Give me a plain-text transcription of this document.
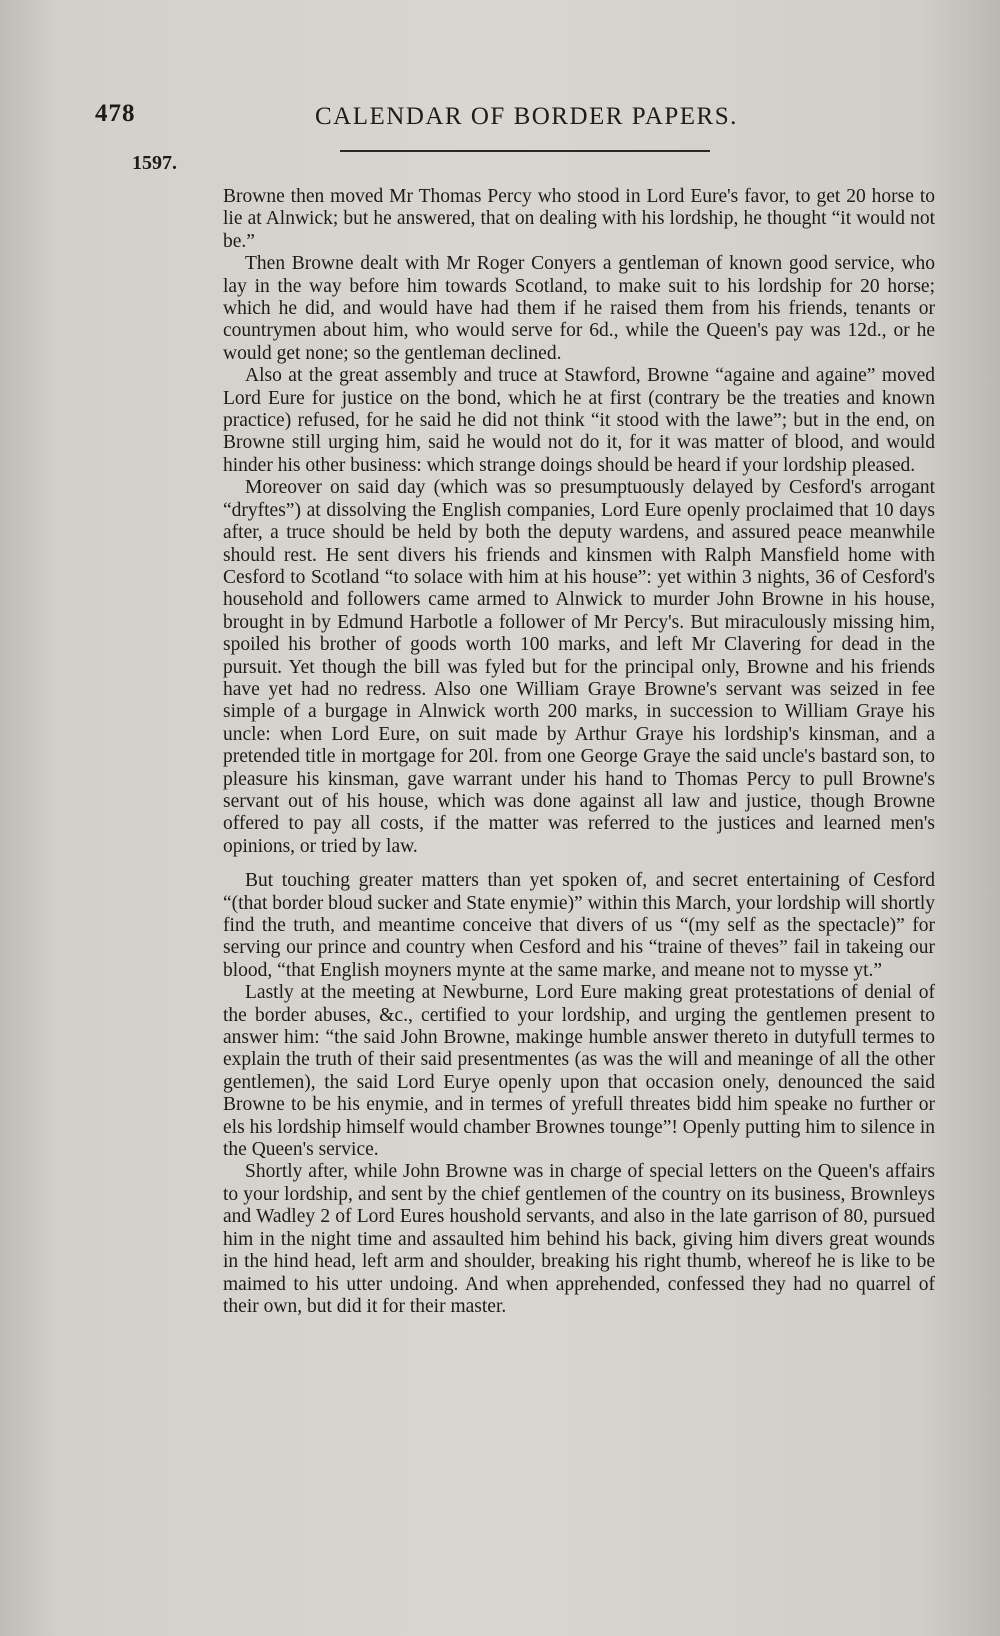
478	CALENDAR OF BORDER PAPERS.
1597.

Browne then moved Mr Thomas Percy who stood in Lord Eure's favor, to get 20 horse to lie at Alnwick; but he answered, that on dealing with his lordship, he thought “it would not be.”

Then Browne dealt with Mr Roger Conyers a gentleman of known good service, who lay in the way before him towards Scotland, to make suit to his lordship for 20 horse; which he did, and would have had them if he raised them from his friends, tenants or countrymen about him, who would serve for 6d., while the Queen's pay was 12d., or he would get none; so the gentleman declined.

Also at the great assembly and truce at Stawford, Browne “againe and againe” moved Lord Eure for justice on the bond, which he at first (contrary be the treaties and known practice) refused, for he said he did not think “it stood with the lawe”; but in the end, on Browne still urging him, said he would not do it, for it was matter of blood, and would hinder his other business: which strange doings should be heard if your lordship pleased.

Moreover on said day (which was so presumptuously delayed by Cesford's arrogant “dryftes”) at dissolving the English companies, Lord Eure openly proclaimed that 10 days after, a truce should be held by both the deputy wardens, and assured peace meanwhile should rest. He sent divers his friends and kinsmen with Ralph Mansfield home with Cesford to Scotland “to solace with him at his house”: yet within 3 nights, 36 of Cesford's household and followers came armed to Alnwick to murder John Browne in his house, brought in by Edmund Harbotle a follower of Mr Percy's. But miraculously missing him, spoiled his brother of goods worth 100 marks, and left Mr Clavering for dead in the pursuit. Yet though the bill was fyled but for the principal only, Browne and his friends have yet had no redress. Also one William Graye Browne's servant was seized in fee simple of a burgage in Alnwick worth 200 marks, in succession to William Graye his uncle: when Lord Eure, on suit made by Arthur Graye his lordship's kinsman, and a pretended title in mortgage for 20l. from one George Graye the said uncle's bastard son, to pleasure his kinsman, gave warrant under his hand to Thomas Percy to pull Browne's servant out of his house, which was done against all law and justice, though Browne offered to pay all costs, if the matter was referred to the justices and learned men's opinions, or tried by law.

But touching greater matters than yet spoken of, and secret entertaining of Cesford “(that border bloud sucker and State enymie)” within this March, your lordship will shortly find the truth, and meantime conceive that divers of us “(my self as the spectacle)” for serving our prince and country when Cesford and his “traine of theves” fail in takeing our blood, “that English moyners mynte at the same marke, and meane not to mysse yt.”

Lastly at the meeting at Newburne, Lord Eure making great protestations of denial of the border abuses, &c., certified to your lordship, and urging the gentlemen present to answer him: “the said John Browne, makinge humble answer thereto in dutyfull termes to explain the truth of their said presentmentes (as was the will and meaninge of all the other gentlemen), the said Lord Eurye openly upon that occasion onely, denounced the said Browne to be his enymie, and in termes of yrefull threates bidd him speake no further or els his lordship himself would chamber Brownes tounge”! Openly putting him to silence in the Queen's service.

Shortly after, while John Browne was in charge of special letters on the Queen's affairs to your lordship, and sent by the chief gentlemen of the country on its business, Brownleys and Wadley 2 of Lord Eures houshold servants, and also in the late garrison of 80, pursued him in the night time and assaulted him behind his back, giving him divers great wounds in the hind head, left arm and shoulder, breaking his right thumb, whereof he is like to be maimed to his utter undoing. And when apprehended, confessed they had no quarrel of their own, but did it for their master.
